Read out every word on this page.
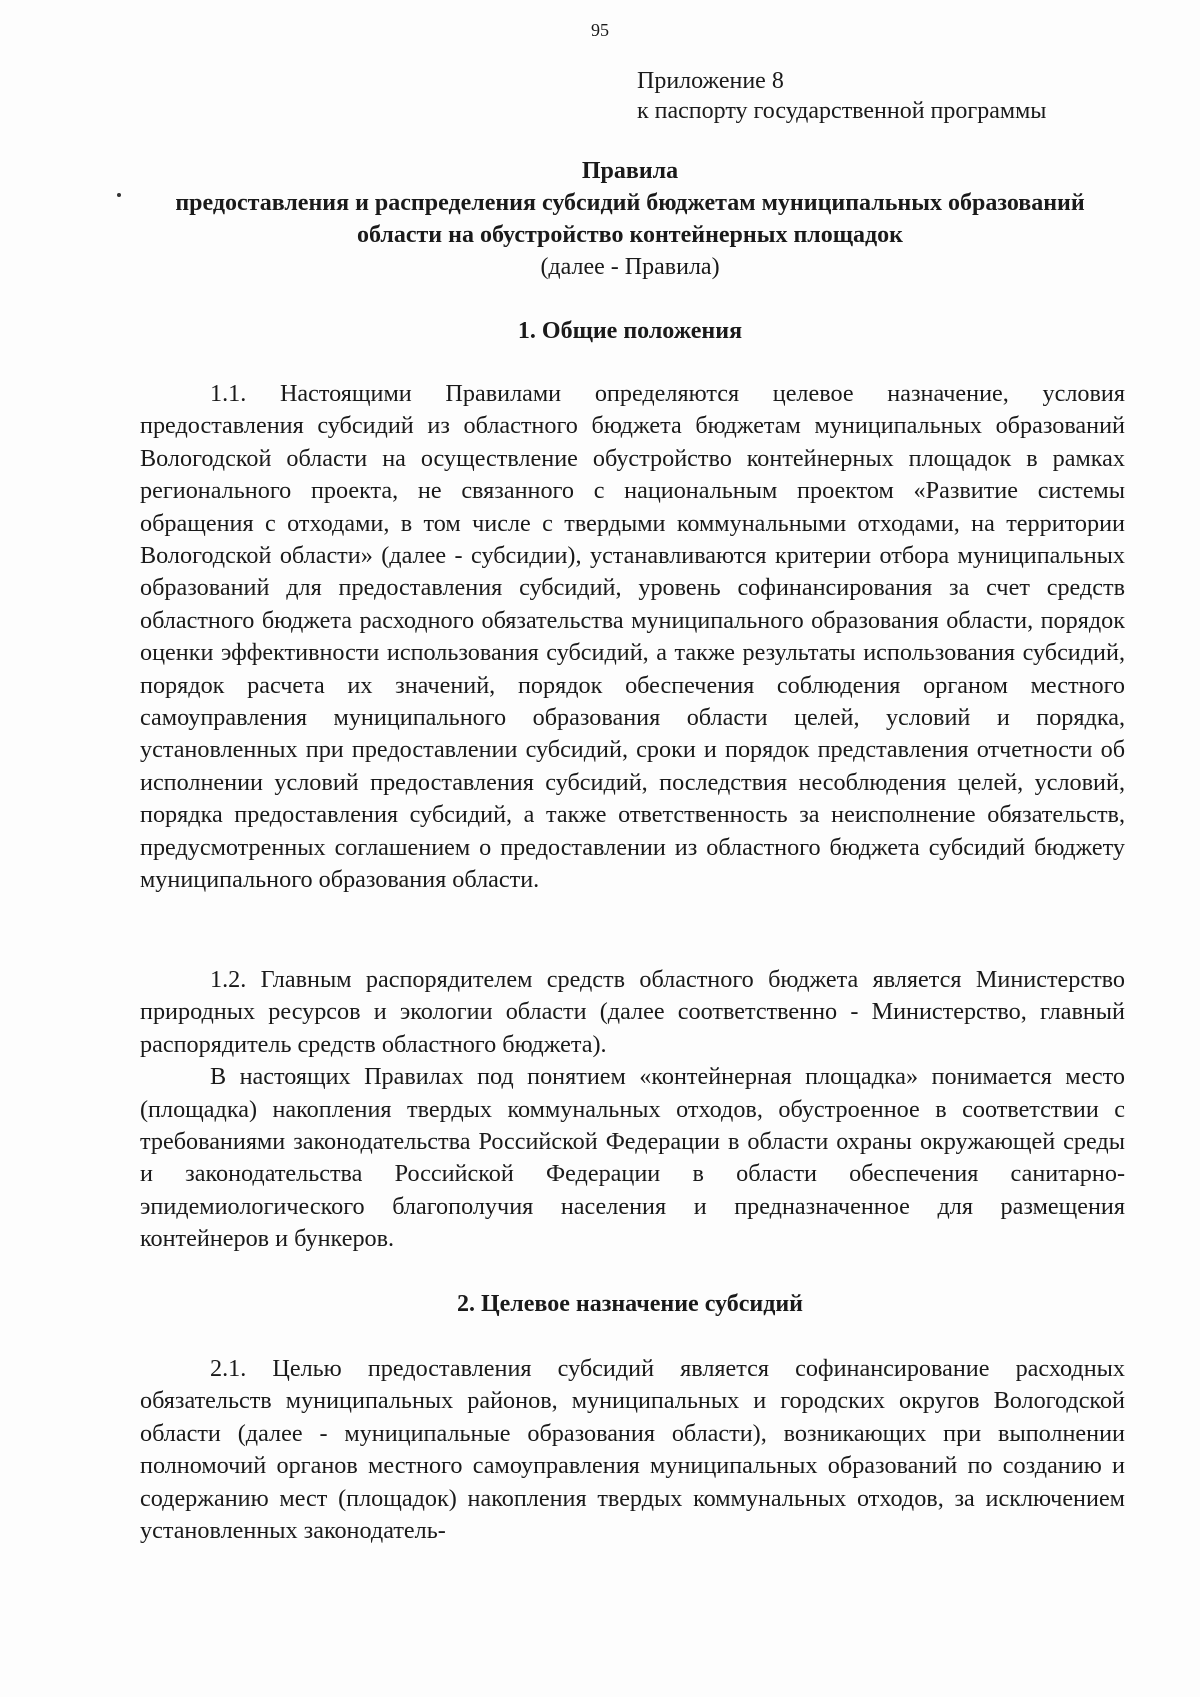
95
Приложение 8
к паспорту государственной программы
Правила
предоставления и распределения субсидий бюджетам муниципальных образований области на обустройство контейнерных площадок
(далее - Правила)
1. Общие положения

1.1. Настоящими Правилами определяются целевое назначение, условия предоставления субсидий из областного бюджета бюджетам муниципальных образований Вологодской области на осуществление обустройство контейнерных площадок в рамках регионального проекта, не связанного с национальным проектом «Развитие системы обращения с отходами, в том числе с твердыми коммунальными отходами, на территории Вологодской области» (далее - субсидии), устанавливаются критерии отбора муниципальных образований для предоставления субсидий, уровень софинансирования за счет средств областного бюджета расходного обязательства муниципального образования области, порядок оценки эффективности использования субсидий, а также результаты использования субсидий, порядок расчета их значений, порядок обеспечения соблюдения органом местного самоуправления муниципального образования области целей, условий и порядка, установленных при предоставлении субсидий, сроки и порядок представления отчетности об исполнении условий предоставления субсидий, последствия несоблюдения целей, условий, порядка предоставления субсидий, а также ответственность за неисполнение обязательств, предусмотренных соглашением о предоставлении из областного бюджета субсидий бюджету муниципального образования области.

1.2. Главным распорядителем средств областного бюджета является Министерство природных ресурсов и экологии области (далее соответственно - Министерство, главный распорядитель средств областного бюджета).

В настоящих Правилах под понятием «контейнерная площадка» понимается место (площадка) накопления твердых коммунальных отходов, обустроенное в соответствии с требованиями законодательства Российской Федерации в области охраны окружающей среды и законодательства Российской Федерации в области обеспечения санитарно-эпидемиологического благополучия населения и предназначенное для размещения контейнеров и бункеров.

2. Целевое назначение субсидий

2.1. Целью предоставления субсидий является софинансирование расходных обязательств муниципальных районов, муниципальных и городских округов Вологодской области (далее - муниципальные образования области), возникающих при выполнении полномочий органов местного самоуправления муниципальных образований по созданию и содержанию мест (площадок) накопления твердых коммунальных отходов, за исключением установленных законодатель-
